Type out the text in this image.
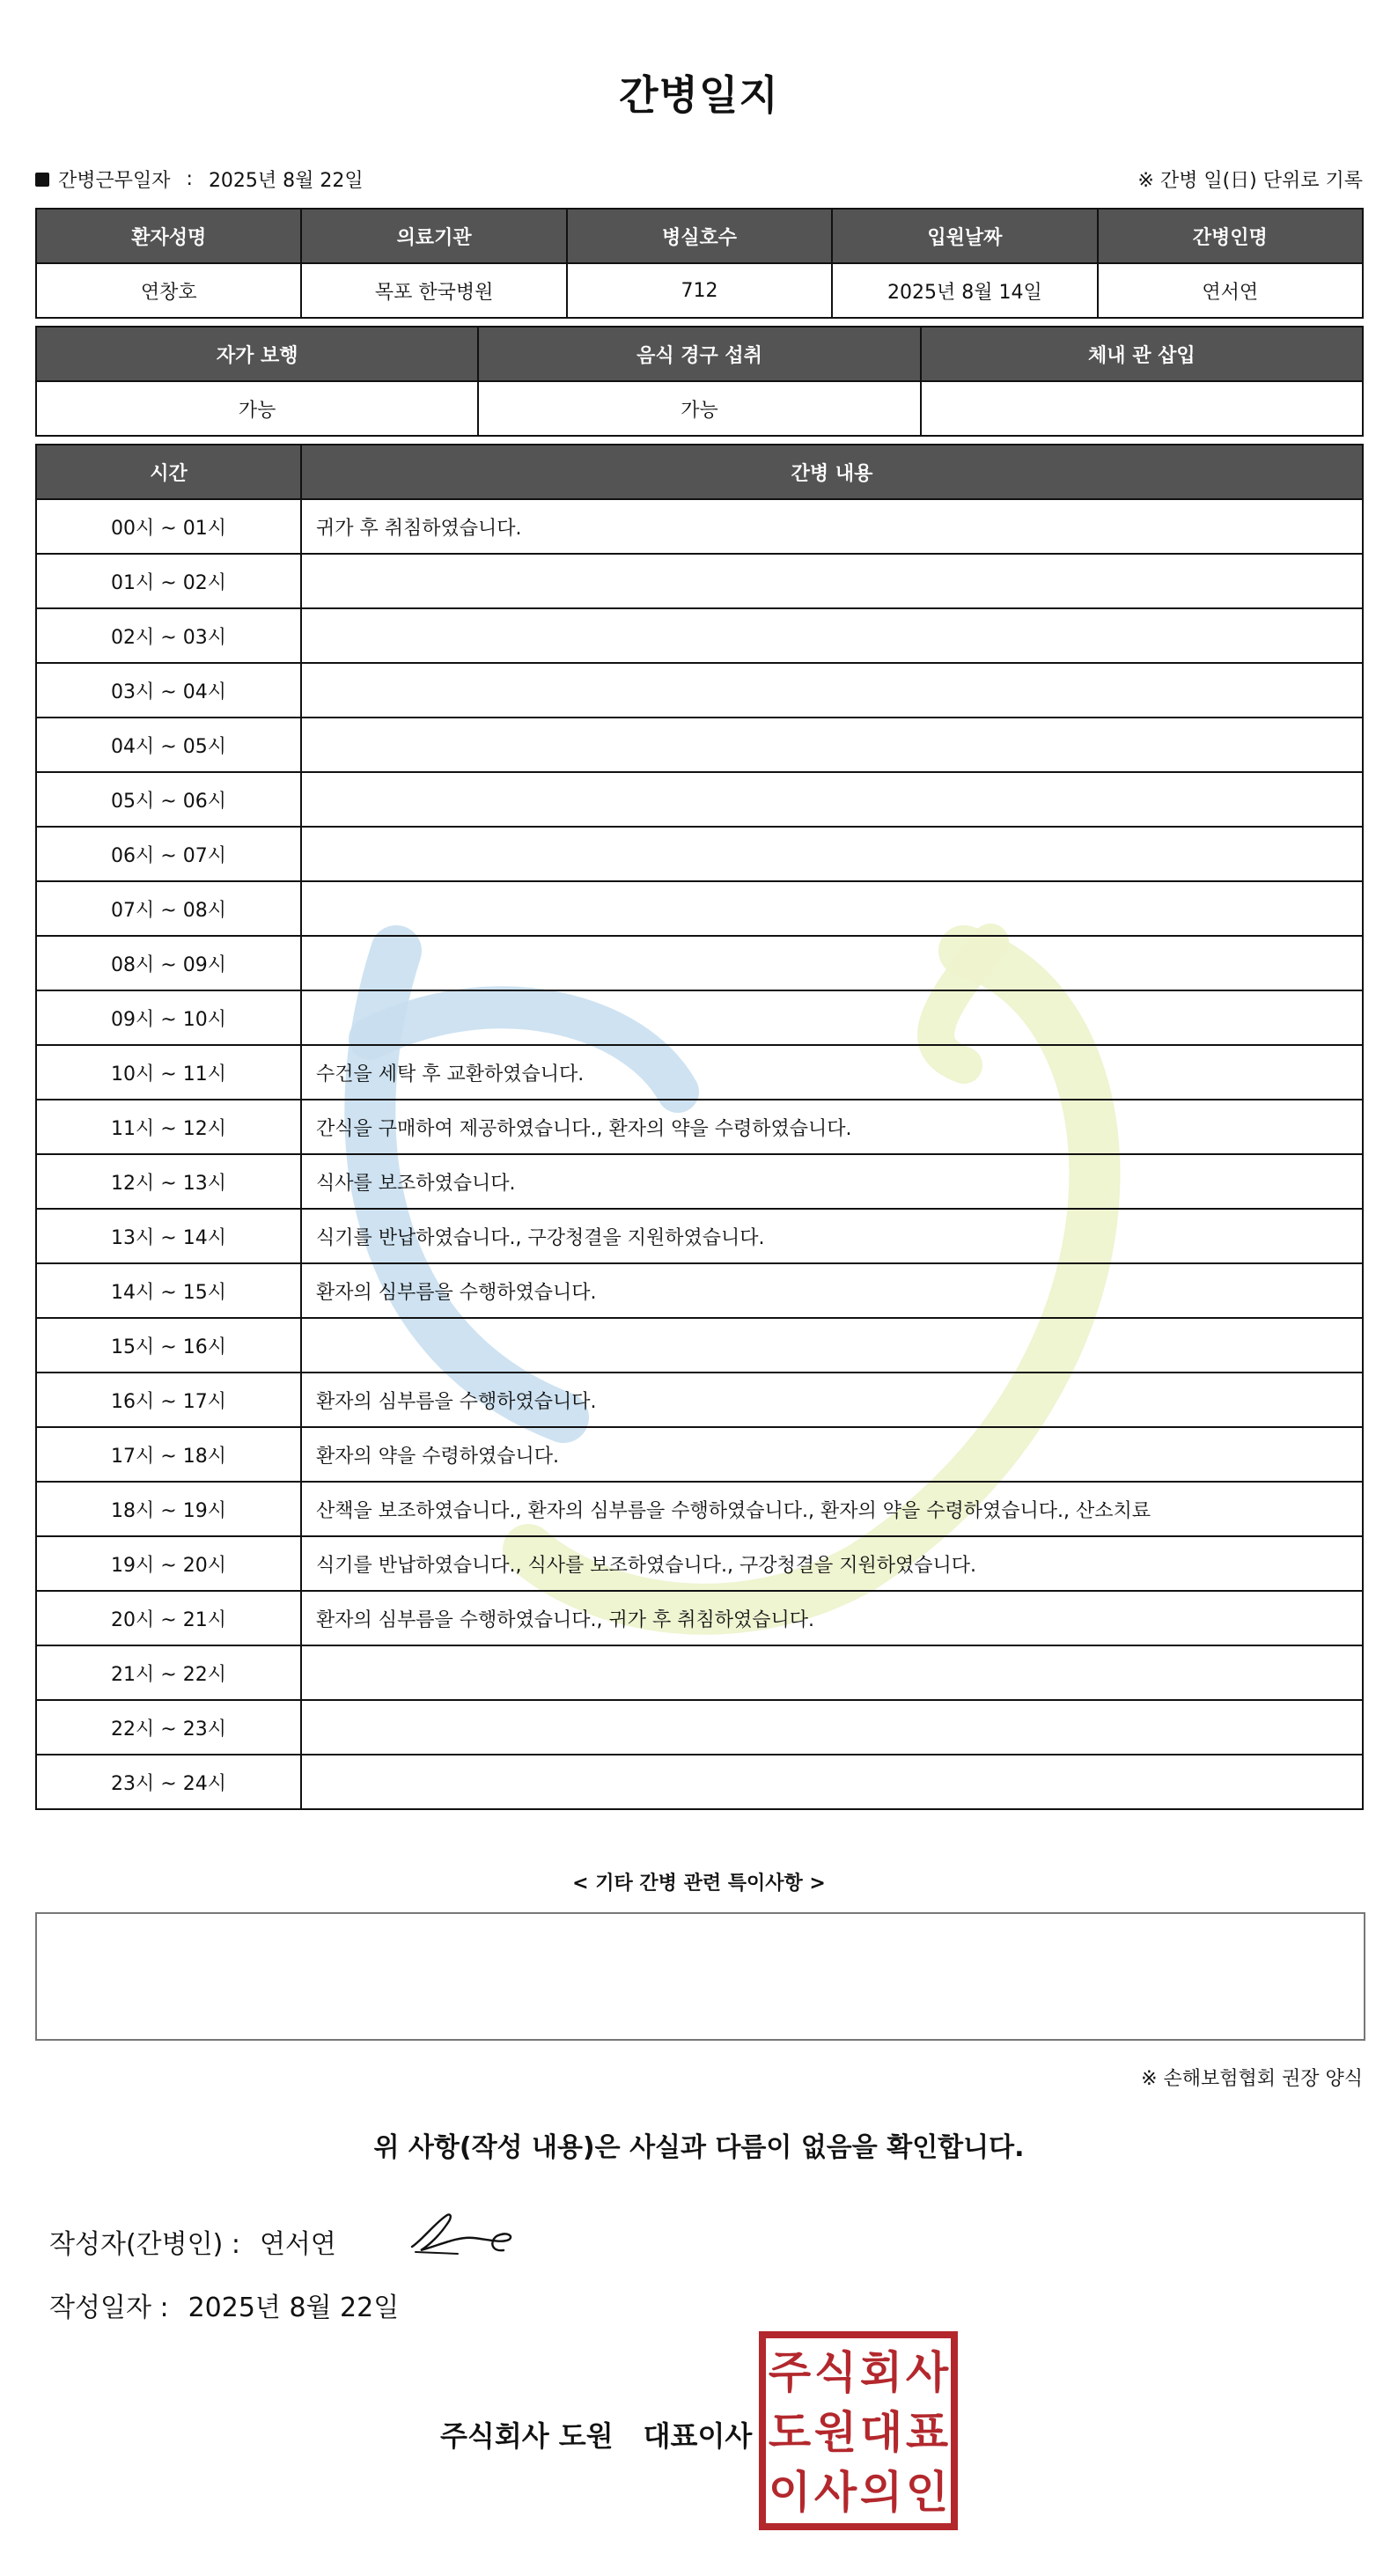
간병일지
간병근무일자 : 2025년 8월 22일	※ 간병 일(日) 단위로 기록
환자성명	의료기관	병실호수	입원날짜	간병인명
연창호	목포 한국병원	712	2025년 8월 14일	연서연
자가 보행	음식 경구 섭취	체내 관 삽입
가능	가능	
시간	간병 내용
00시 ~ 01시	귀가 후 취침하였습니다.
01시 ~ 02시	
02시 ~ 03시	
03시 ~ 04시	
04시 ~ 05시	
05시 ~ 06시	
06시 ~ 07시	
07시 ~ 08시	
08시 ~ 09시	
09시 ~ 10시	
10시 ~ 11시	수건을 세탁 후 교환하였습니다.
11시 ~ 12시	간식을 구매하여 제공하였습니다., 환자의 약을 수령하였습니다.
12시 ~ 13시	식사를 보조하였습니다.
13시 ~ 14시	식기를 반납하였습니다., 구강청결을 지원하였습니다.
14시 ~ 15시	환자의 심부름을 수행하였습니다.
15시 ~ 16시	
16시 ~ 17시	환자의 심부름을 수행하였습니다.
17시 ~ 18시	환자의 약을 수령하였습니다.
18시 ~ 19시	산책을 보조하였습니다., 환자의 심부름을 수행하였습니다., 환자의 약을 수령하였습니다., 산소치료
19시 ~ 20시	식기를 반납하였습니다., 식사를 보조하였습니다., 구강청결을 지원하였습니다.
20시 ~ 21시	환자의 심부름을 수행하였습니다., 귀가 후 취침하였습니다.
21시 ~ 22시	
22시 ~ 23시	
23시 ~ 24시	
< 기타 간병 관련 특이사항 >
※ 손해보험협회 권장 양식
위 사항(작성 내용)은 사실과 다름이 없음을 확인합니다.
작성자(간병인) : 연서연
작성일자 : 2025년 8월 22일
주식회사 도원 대표이사
주 식 회 사
도 원 대 표
이 사 의 인
